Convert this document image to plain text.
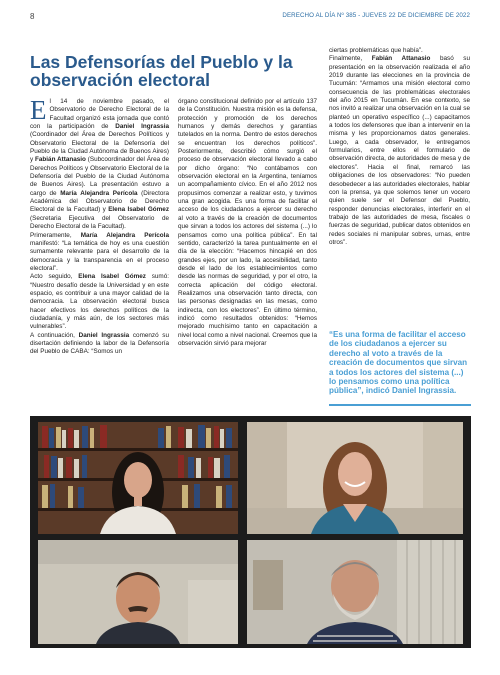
8	DERECHO AL DÍA Nº 385 - JUEVES 22 DE DICIEMBRE DE 2022
Las Defensorías del Pueblo y la observación electoral
E l 14 de noviembre pasado, el Observatorio de Derecho Electoral de la Facultad organizó esta jornada que contó con la participación de Daniel Ingrassia (Coordinador del Área de Derechos Políticos y Observatorio Electoral de la Defensoría del Pueblo de la Ciudad Autónoma de Buenos Aires) y Fabián Attanasio (Subcoordinador del Área de Derechos Políticos y Observatorio Electoral de la Defensoría del Pueblo de la Ciudad Autónoma de Buenos Aires). La presentación estuvo a cargo de María Alejandra Perícola (Directora Académica del Observatorio de Derecho Electoral de la Facultad) y Elena Isabel Gómez (Secretaria Ejecutiva del Observatorio de Derecho Electoral de la Facultad).
Primeramente, María Alejandra Perícola manifestó: “La temática de hoy es una cuestión sumamente relevante para el desarrollo de la democracia y la transparencia en el proceso electoral”.
Acto seguido, Elena Isabel Gómez sumó: “Nuestro desafío desde la Universidad y en este espacio, es contribuir a una mayor calidad de la democracia. La observación electoral busca hacer efectivos los derechos políticos de la ciudadanía, y más aún, de los sectores más vulnerables”.
A continuación, Daniel Ingrassia comenzó su disertación definiendo la labor de la Defensoría del Pueblo de CABA: “Somos un
órgano constitucional definido por el artículo 137 de la Constitución. Nuestra misión es la defensa, protección y promoción de los derechos humanos y demás derechos y garantías tutelados en la norma. Dentro de estos derechos se encuentran los derechos políticos”. Posteriormente, describió cómo surgió el proceso de observación electoral llevado a cabo por dicho órgano: “No contábamos con observación electoral en la Argentina, teníamos un acompañamiento cívico. En el año 2012 nos propusimos comenzar a realizar esto, y tuvimos una gran acogida. Es una forma de facilitar el acceso de los ciudadanos a ejercer su derecho al voto a través de la creación de documentos que sirvan a todos los actores del sistema (...) lo pensamos como una política pública”. En tal sentido, caracterizó la tarea puntualmente en el día de la elección: “Hacemos hincapié en dos grandes ejes, por un lado, la accesibilidad, tanto desde el lado de los establecimientos como desde las normas de seguridad, y por el otro, la correcta aplicación del código electoral. Realizamos una observación tanto directa, con las personas designadas en las mesas, como indirecta, con los electores”. En último término, indicó como resultados obtenidos: “Hemos mejorado muchísimo tanto en capacitación a nivel local como a nivel nacional. Creemos que la observación sirvió para mejorar
ciertas problemáticas que había”.
Finalmente, Fabián Attanasio basó su presentación en la observación realizada el año 2019 durante las elecciones en la provincia de Tucumán: “Armamos una misión electoral como consecuencia de las problemáticas electorales del año 2015 en Tucumán. En ese contexto, se nos invitó a realizar una observación en la cual se planteó un operativo específico (...) capacitamos a todos los defensores que iban a intervenir en la misma y les proporcionamos datos generales. Luego, a cada observador, le entregamos formularios, entre ellos el formulario de observación directa, de autoridades de mesa y de electores”. Hacia el final, remarcó las obligaciones de los observadores: “No pueden desobedecer a las autoridades electorales, hablar con la prensa, ya que solemos tener un vocero quien suele ser el Defensor del Pueblo, responder denuncias electorales, interferir en el trabajo de las autoridades de mesa, fiscales o fuerzas de seguridad, publicar datos obtenidos en redes sociales ni manipular sobres, urnas, entre otros”.
“Es una forma de facilitar el acceso de los ciudadanos a ejercer su derecho al voto a través de la creación de documentos que sirvan a todos los actores del sistema (...) lo pensamos como una política pública”, indicó Daniel Ingrassia.
